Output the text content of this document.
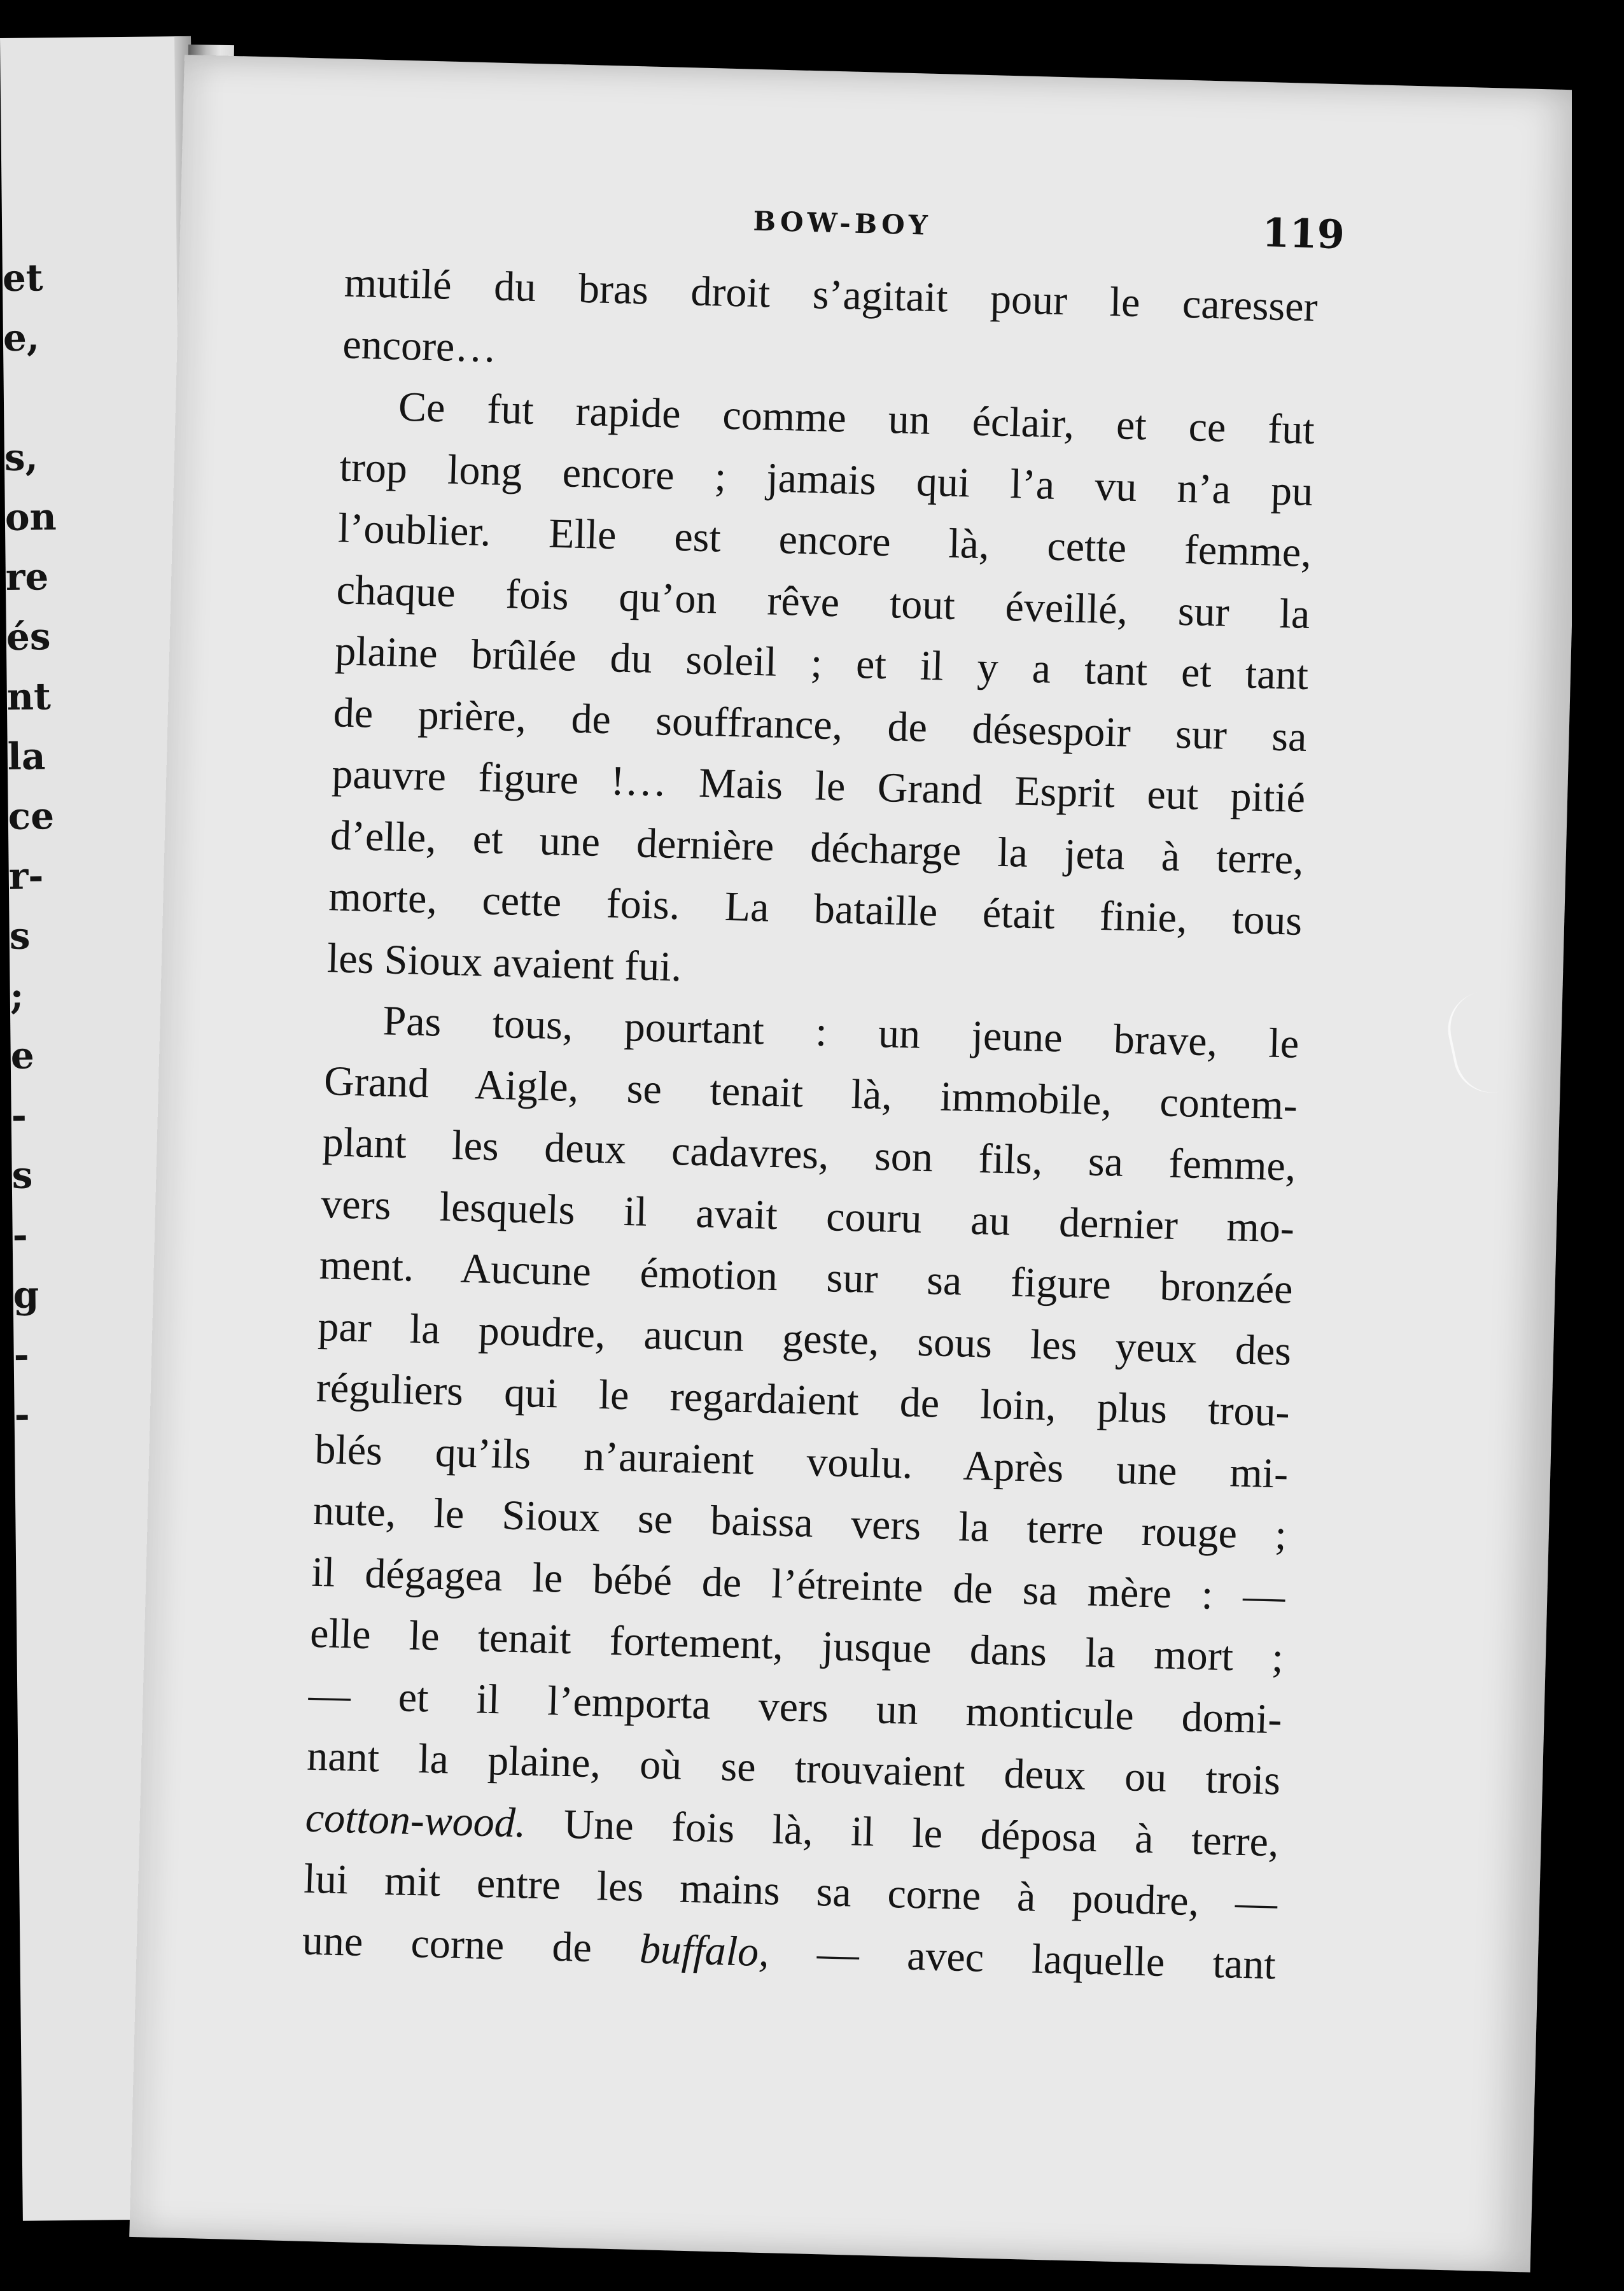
et
e,
s,
on
re
és
nt
la
ce
r-
s
;
e
-
s
-
g
-
-
BOW-BOY	119

mutilé du bras droit s’agitait pour le caresser

encore…

Ce fut rapide comme un éclair, et ce fut

trop long encore ; jamais qui l’a vu n’a pu

l’oublier. Elle est encore là, cette femme,

chaque fois qu’on rêve tout éveillé, sur la

plaine brûlée du soleil ; et il y a tant et tant

de prière, de souffrance, de désespoir sur sa

pauvre figure !… Mais le Grand Esprit eut pitié

d’elle, et une dernière décharge la jeta à terre,

morte, cette fois. La bataille était finie, tous

les Sioux avaient fui.

Pas tous, pourtant : un jeune brave, le

Grand Aigle, se tenait là, immobile, contem-

plant les deux cadavres, son fils, sa femme,

vers lesquels il avait couru au dernier mo-

ment. Aucune émotion sur sa figure bronzée

par la poudre, aucun geste, sous les yeux des

réguliers qui le regardaient de loin, plus trou-

blés qu’ils n’auraient voulu. Après une mi-

nute, le Sioux se baissa vers la terre rouge ;

il dégagea le bébé de l’étreinte de sa mère : —

elle le tenait fortement, jusque dans la mort ;

— et il l’emporta vers un monticule domi-

nant la plaine, où se trouvaient deux ou trois

cotton-wood. Une fois là, il le déposa à terre,

lui mit entre les mains sa corne à poudre, —

une corne de buffalo, — avec laquelle tant
